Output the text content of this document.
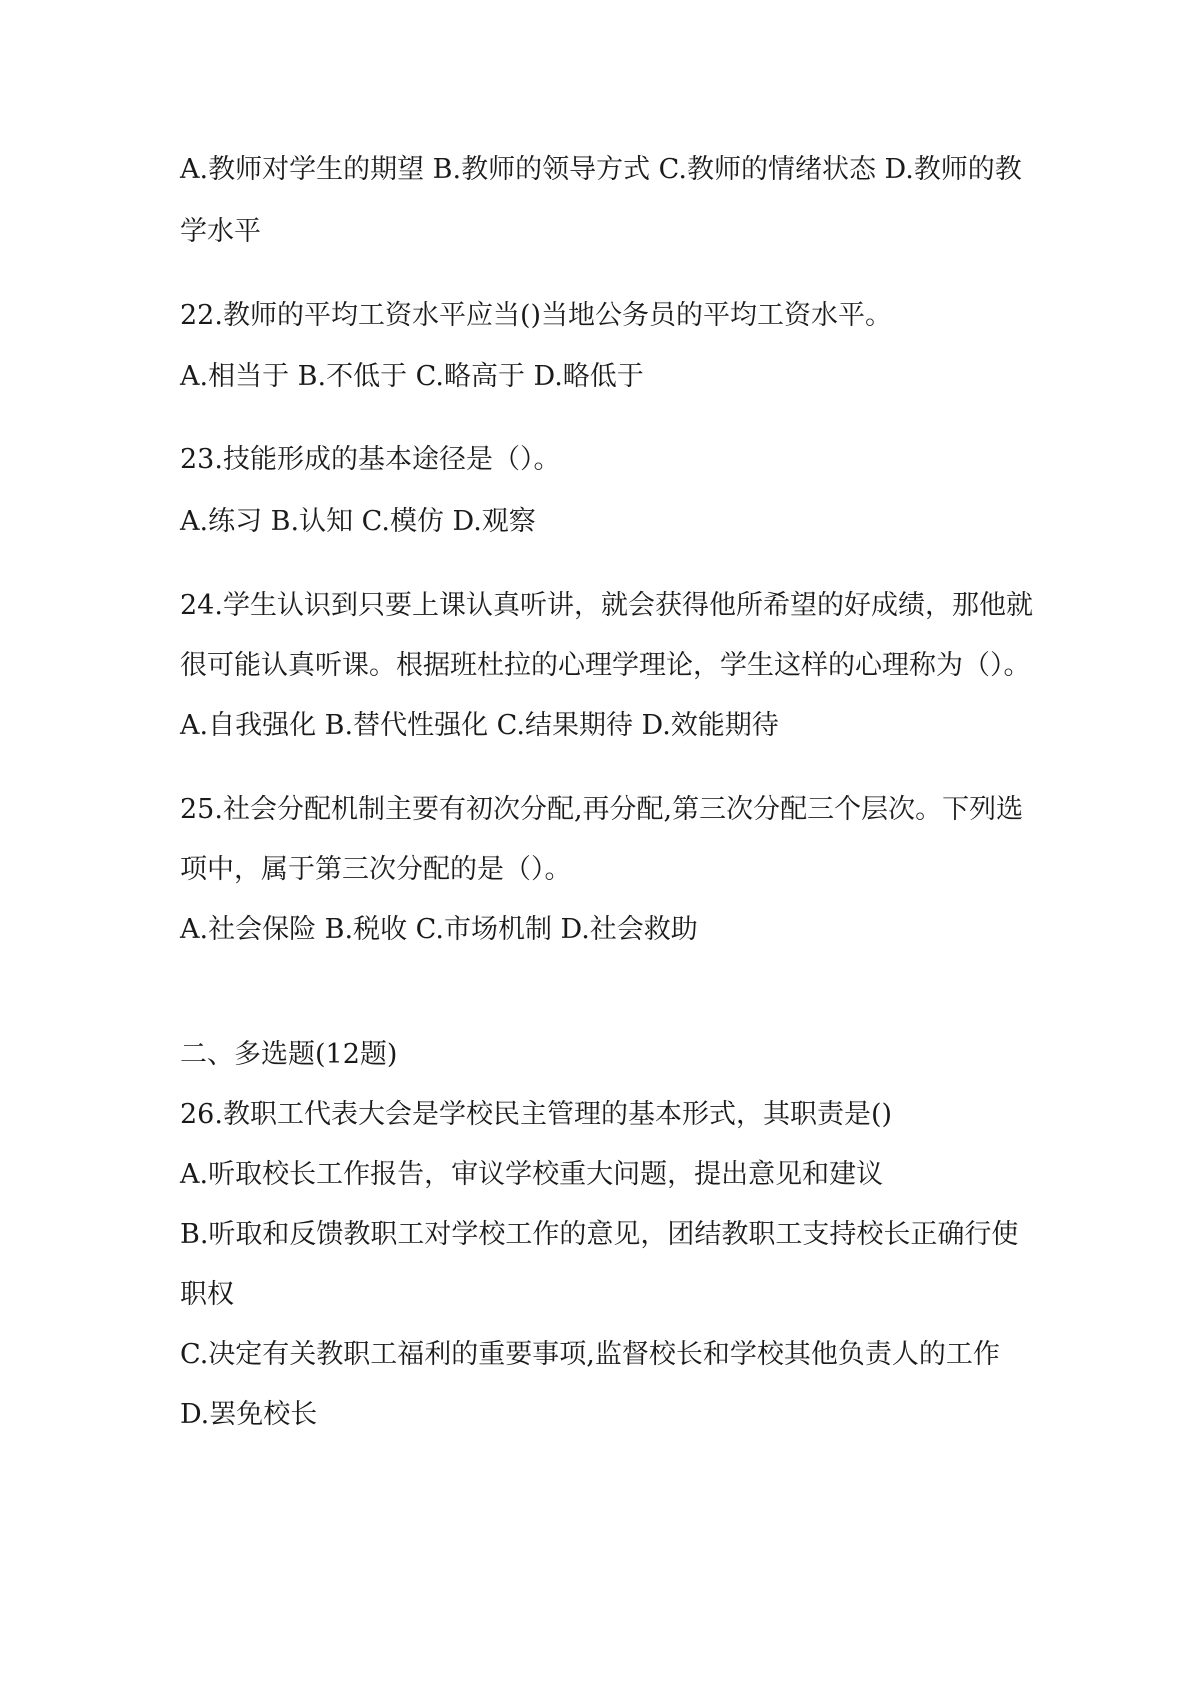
A.教师对学生的期望 B.教师的领导方式 C.教师的情绪状态 D.教师的教
学水平
22.教师的平均工资水平应当()当地公务员的平均工资水平。
A.相当于 B.不低于 C.略高于 D.略低于
23.技能形成的基本途径是（）。
A.练习 B.认知 C.模仿 D.观察
24.学生认识到只要上课认真听讲，就会获得他所希望的好成绩，那他就
很可能认真听课。根据班杜拉的心理学理论，学生这样的心理称为（）。
A.自我强化 B.替代性强化 C.结果期待 D.效能期待
25.社会分配机制主要有初次分配,再分配,第三次分配三个层次。下列选
项中，属于第三次分配的是（）。
A.社会保险 B.税收 C.市场机制 D.社会救助
二、多选题(12题)
26.教职工代表大会是学校民主管理的基本形式，其职责是()
A.听取校长工作报告，审议学校重大问题，提出意见和建议
B.听取和反馈教职工对学校工作的意见，团结教职工支持校长正确行使
职权
C.决定有关教职工福利的重要事项,监督校长和学校其他负责人的工作
D.罢免校长
